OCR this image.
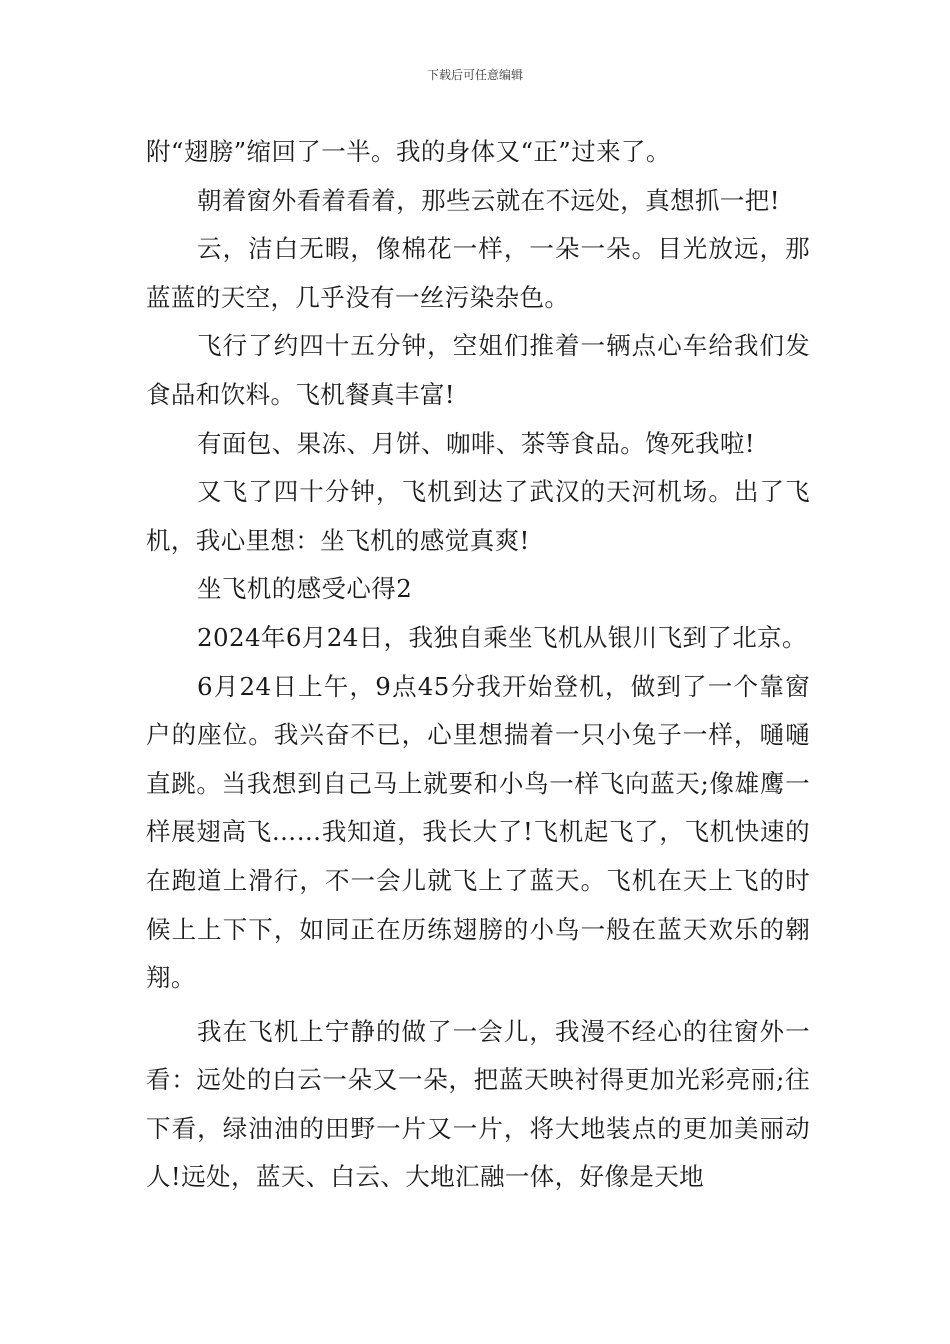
下载后可任意编辑

附“翅膀”缩回了一半。我的身体又“正”过来了。

朝着窗外看着看着，那些云就在不远处，真想抓一把!

云，洁白无暇，像棉花一样，一朵一朵。目光放远，那蓝蓝的天空，几乎没有一丝污染杂色。

飞行了约四十五分钟，空姐们推着一辆点心车给我们发食品和饮料。飞机餐真丰富!

有面包、果冻、月饼、咖啡、茶等食品。馋死我啦!

又飞了四十分钟，飞机到达了武汉的天河机场。出了飞机，我心里想：坐飞机的感觉真爽!

坐飞机的感受心得2

2024年6月24日，我独自乘坐飞机从银川飞到了北京。

6月24日上午，9点45分我开始登机，做到了一个靠窗户的座位。我兴奋不已，心里想揣着一只小兔子一样，嗵嗵直跳。当我想到自己马上就要和小鸟一样飞向蓝天;像雄鹰一样展翅高飞……我知道，我长大了!飞机起飞了，飞机快速的在跑道上滑行，不一会儿就飞上了蓝天。飞机在天上飞的时候上上下下，如同正在历练翅膀的小鸟一般在蓝天欢乐的翱翔。

我在飞机上宁静的做了一会儿，我漫不经心的往窗外一看：远处的白云一朵又一朵，把蓝天映衬得更加光彩亮丽;往下看，绿油油的田野一片又一片，将大地装点的更加美丽动人!远处，蓝天、白云、大地汇融一体，好像是天地
